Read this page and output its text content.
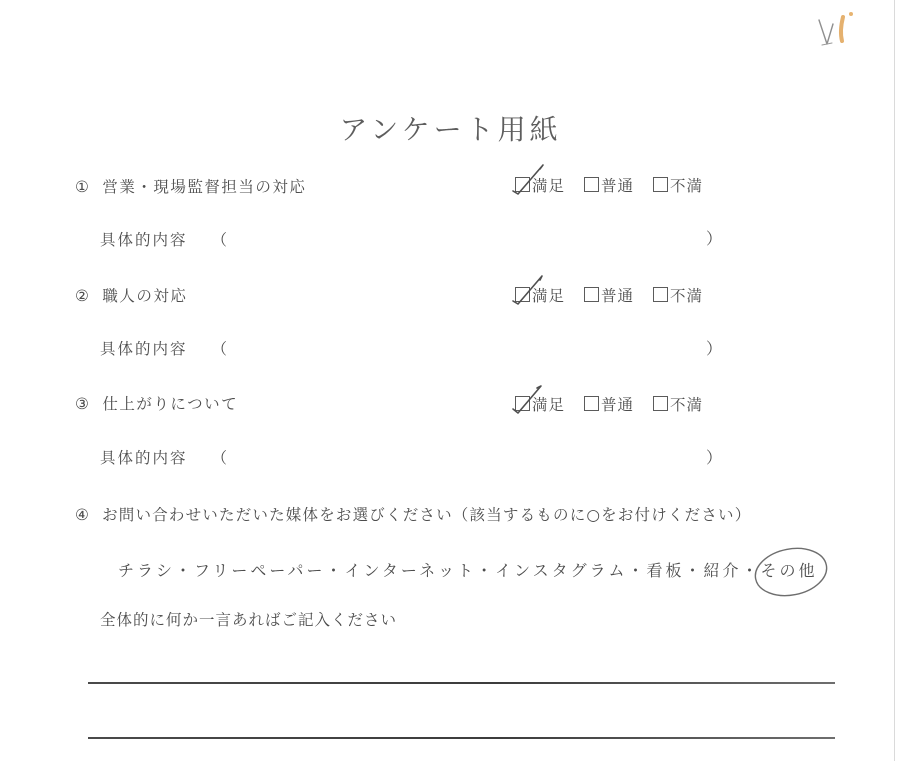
アンケート用紙
① 営業・現場監督担当の対応	満足 普通 不満
具体的内容 （	）
② 職人の対応	満足 普通 不満
具体的内容 （	）
③ 仕上がりについて	満足 普通 不満
具体的内容 （	）
④ お問い合わせいただいた媒体をお選びください（該当するものに○をお付けください）
チラシ・フリーペーパー・インターネット・インスタグラム・看板・紹介・
その他
全体的に何か一言あればご記入ください
